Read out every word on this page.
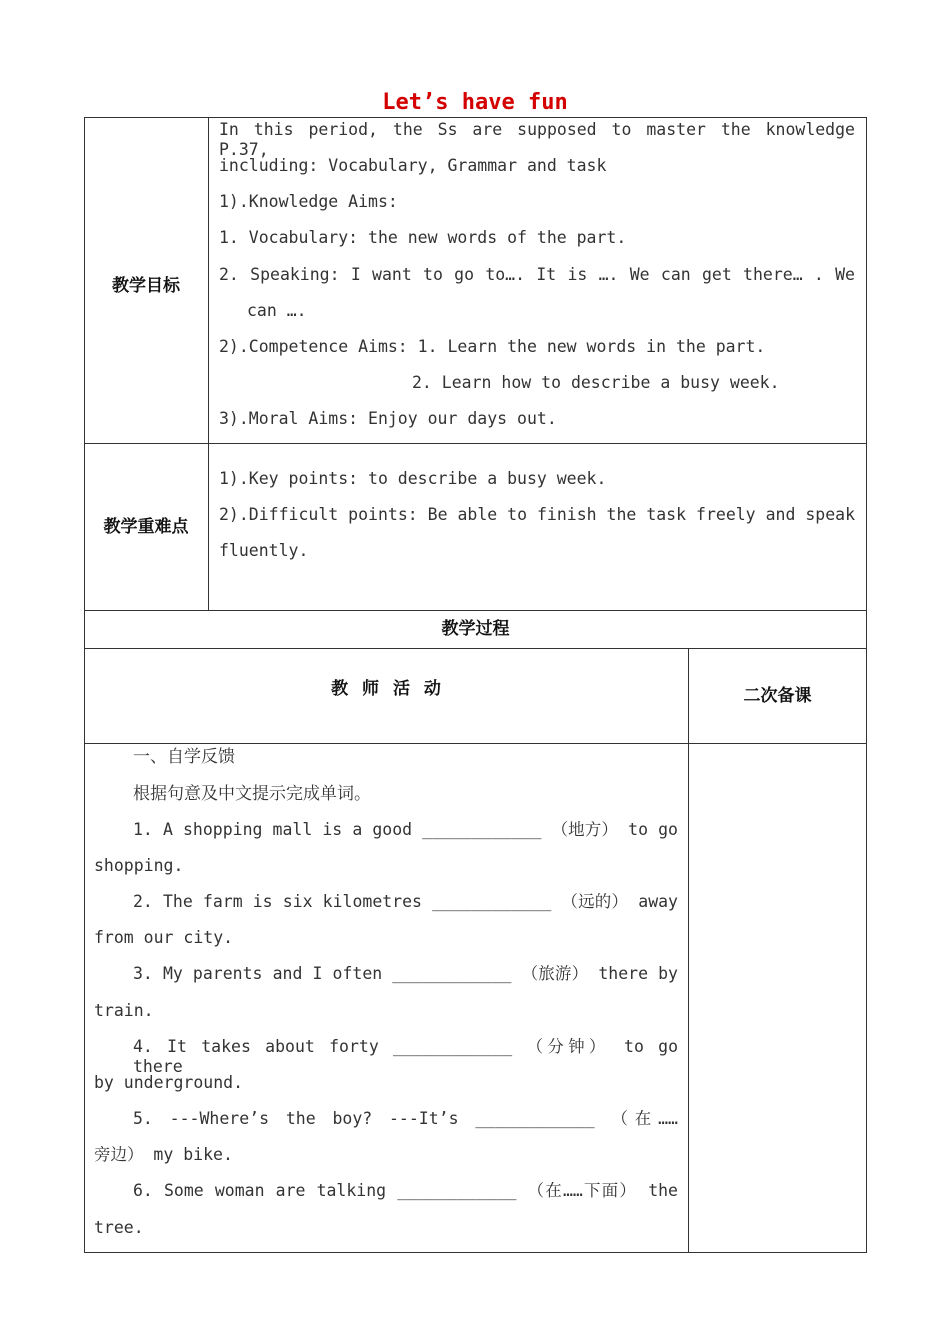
Let’s have fun
教学目标
In this period, the Ss are supposed to master the knowledge P.37,
including: Vocabulary, Grammar and task
1).Knowledge Aims:
1. Vocabulary: the new words of the part.
2. Speaking: I want to go to…. It is …. We can get there… . We
can ….
2).Competence Aims: 1. Learn the new words in the part.
2. Learn how to describe a busy week.
3).Moral Aims: Enjoy our days out.
教学重难点
1).Key points: to describe a busy week.
2).Difficult points: Be able to finish the task freely and speak
fluently.
教学过程
教 师 活 动	二次备课
一、自学反馈
根据句意及中文提示完成单词。
1. A shopping mall is a good ____________ （地方） to go
shopping.
2. The farm is six kilometres ____________ （远的） away
from our city.
3. My parents and I often ____________ （旅游） there by
train.
4. It takes about forty ____________ （分钟） to go there
by underground.
5. ---Where’s the boy? ---It’s ____________ （在……
旁边） my bike.
6. Some woman are talking ____________ （在……下面） the
tree.
